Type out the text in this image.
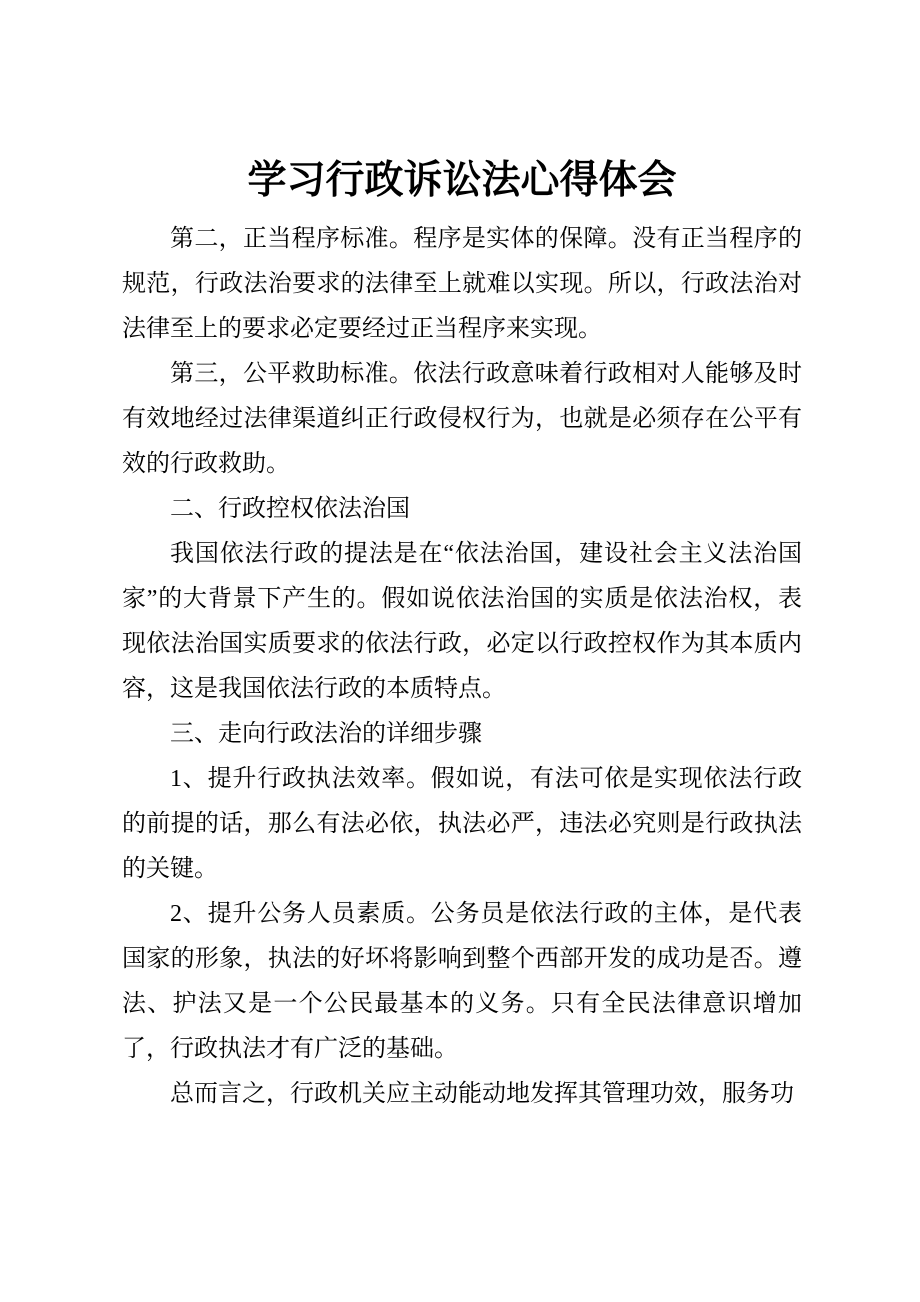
学习行政诉讼法心得体会

第二，正当程序标准。程序是实体的保障。没有正当程序的规范，行政法治要求的法律至上就难以实现。所以，行政法治对法律至上的要求必定要经过正当程序来实现。

第三，公平救助标准。依法行政意味着行政相对人能够及时有效地经过法律渠道纠正行政侵权行为，也就是必须存在公平有效的行政救助。

二、行政控权依法治国

我国依法行政的提法是在“依法治国，建设社会主义法治国家”的大背景下产生的。假如说依法治国的实质是依法治权，表现依法治国实质要求的依法行政，必定以行政控权作为其本质内容，这是我国依法行政的本质特点。

三、走向行政法治的详细步骤

1、提升行政执法效率。假如说，有法可依是实现依法行政的前提的话，那么有法必依，执法必严，违法必究则是行政执法的关键。

2、提升公务人员素质。公务员是依法行政的主体，是代表国家的形象，执法的好坏将影响到整个西部开发的成功是否。遵法、护法又是一个公民最基本的义务。只有全民法律意识增加了，行政执法才有广泛的基础。

总而言之，行政机关应主动能动地发挥其管理功效，服务功
